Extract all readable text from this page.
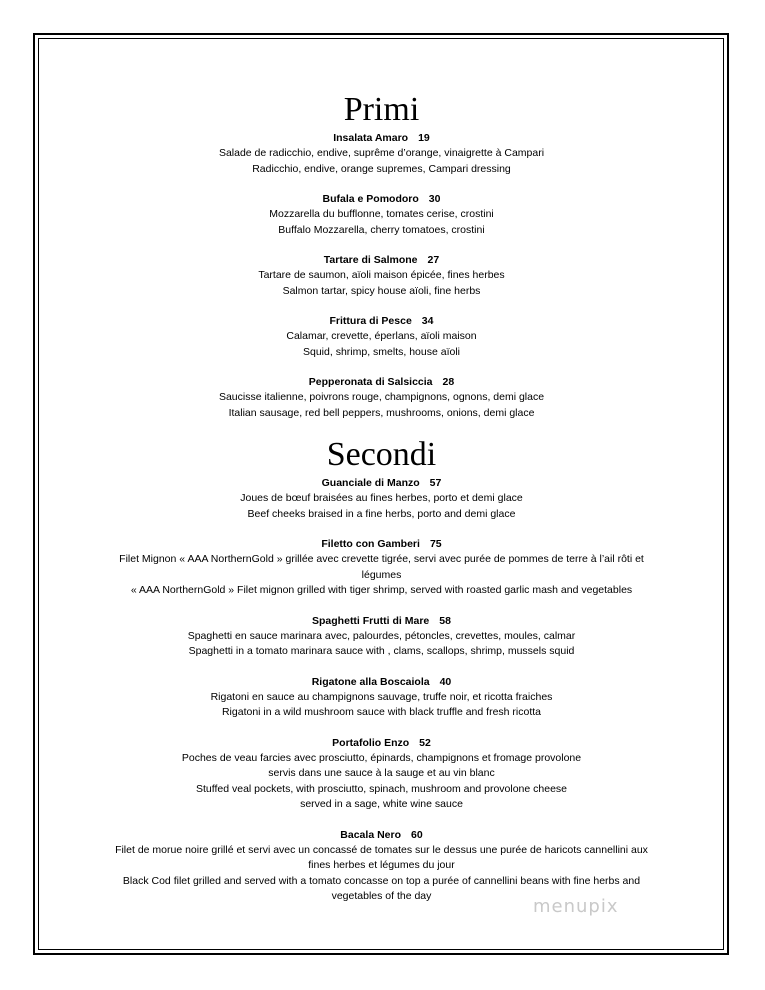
Primi
Insalata Amaro 19
Salade de radicchio, endive, suprême d’orange, vinaigrette à Campari
Radicchio, endive, orange supremes, Campari dressing
Bufala e Pomodoro 30
Mozzarella du bufflonne, tomates cerise, crostini
Buffalo Mozzarella, cherry tomatoes, crostini
Tartare di Salmone 27
Tartare de saumon, aïoli maison épicée, fines herbes
Salmon tartar, spicy house aïoli, fine herbs
Frittura di Pesce 34
Calamar, crevette, éperlans, aïoli maison
Squid, shrimp, smelts, house aïoli
Pepperonata di Salsiccia 28
Saucisse italienne, poivrons rouge, champignons, ognons, demi glace
Italian sausage, red bell peppers, mushrooms, onions, demi glace
Secondi
Guanciale di Manzo 57
Joues de bœuf braisées au fines herbes, porto et demi glace
Beef cheeks braised in a fine herbs, porto and demi glace
Filetto con Gamberi 75
Filet Mignon « AAA NorthernGold » grillée avec crevette tigrée, servi avec purée de pommes de terre à l’ail rôti et
légumes
« AAA NorthernGold » Filet mignon grilled with tiger shrimp, served with roasted garlic mash and vegetables
Spaghetti Frutti di Mare 58
Spaghetti en sauce marinara avec, palourdes, pétoncles, crevettes, moules, calmar
Spaghetti in a tomato marinara sauce with , clams, scallops, shrimp, mussels squid
Rigatone alla Boscaiola 40
Rigatoni en sauce au champignons sauvage, truffe noir, et ricotta fraiches
Rigatoni in a wild mushroom sauce with black truffle and fresh ricotta
Portafolio Enzo 52
Poches de veau farcies avec prosciutto, épinards, champignons et fromage provolone
servis dans une sauce à la sauge et au vin blanc
Stuffed veal pockets, with prosciutto, spinach, mushroom and provolone cheese
served in a sage, white wine sauce
Bacala Nero 60
Filet de morue noire grillé et servi avec un concassé de tomates sur le dessus une purée de haricots cannellini aux
fines herbes et légumes du jour
Black Cod filet grilled and served with a tomato concasse on top a purée of cannellini beans with fine herbs and
vegetables of the day	menupix
